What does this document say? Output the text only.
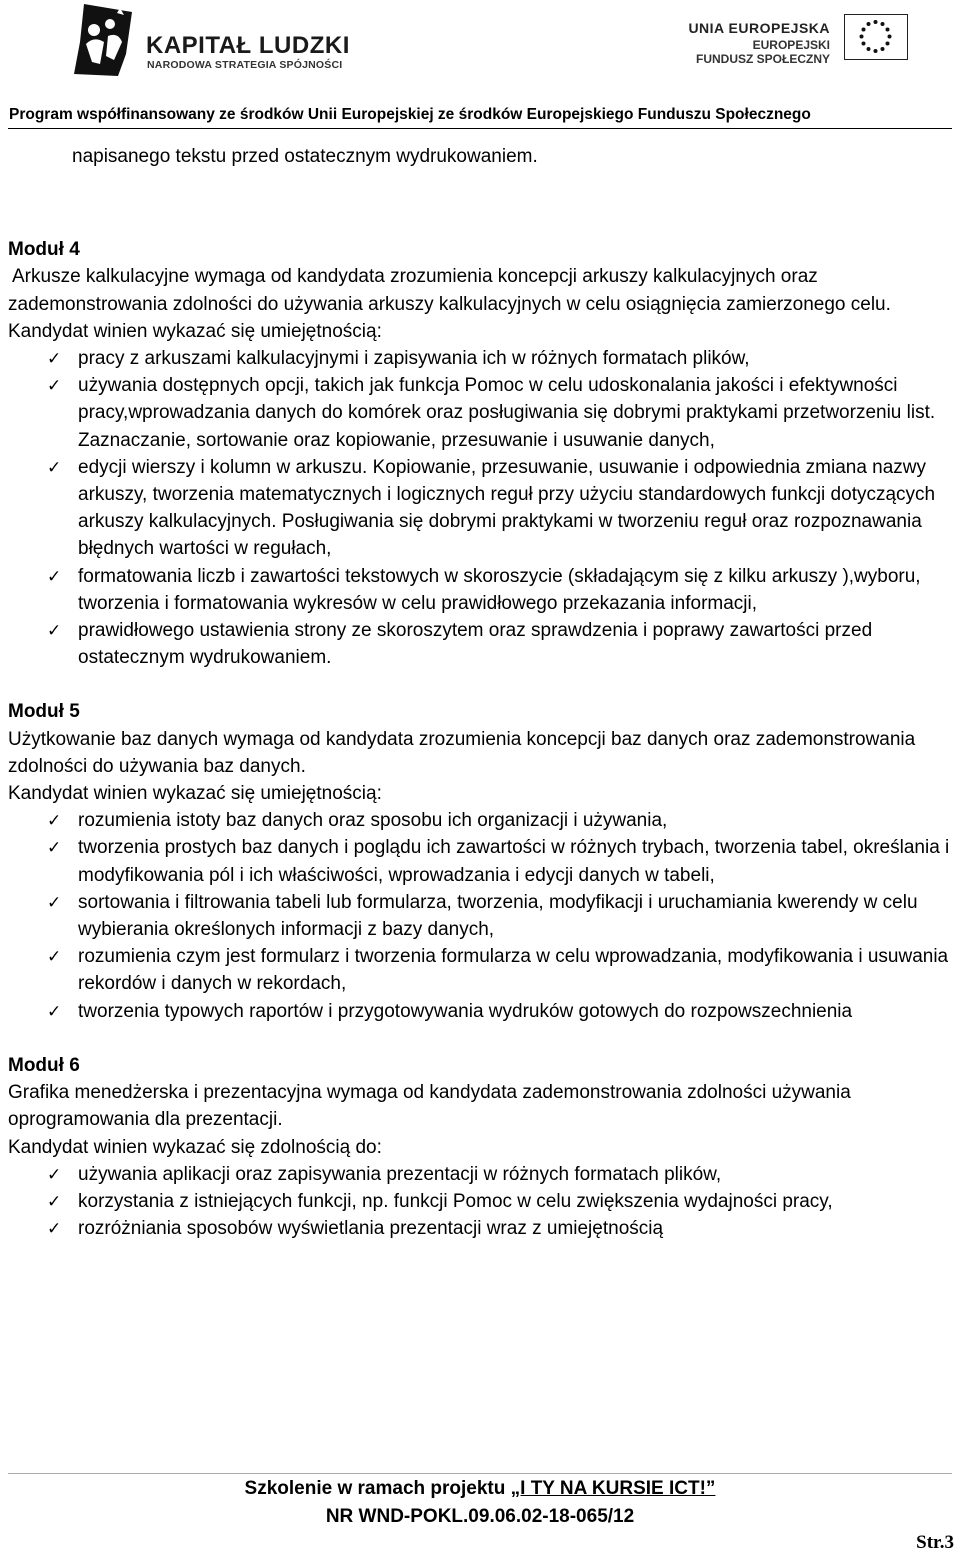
KAPITAŁ LUDZKI
NARODOWA STRATEGIA SPÓJNOŚCI
UNIA EUROPEJSKA
EUROPEJSKI
FUNDUSZ SPOŁECZNY
Program współfinansowany ze środków Unii Europejskiej ze środków Europejskiego Funduszu Społecznego

napisanego tekstu przed ostatecznym wydrukowaniem.

Moduł 4

Arkusze kalkulacyjne wymaga od kandydata zrozumienia koncepcji arkuszy kalkulacyjnych oraz zademonstrowania zdolności do używania arkuszy kalkulacyjnych w celu osiągnięcia zamierzonego celu. Kandydat winien wykazać się umiejętnością:

✓ pracy z arkuszami kalkulacyjnymi i zapisywania ich w różnych formatach plików,
✓ używania dostępnych opcji, takich jak funkcja Pomoc w celu udoskonalania jakości i efektywności pracy,wprowadzania danych do komórek oraz posługiwania się dobrymi praktykami przetworzeniu list. Zaznaczanie, sortowanie oraz kopiowanie, przesuwanie i usuwanie danych,
✓ edycji wierszy i kolumn w arkuszu. Kopiowanie, przesuwanie, usuwanie i odpowiednia zmiana nazwy arkuszy, tworzenia matematycznych i logicznych reguł przy użyciu standardowych funkcji dotyczących arkuszy kalkulacyjnych. Posługiwania się dobrymi praktykami w tworzeniu reguł oraz rozpoznawania błędnych wartości w regułach,
✓ formatowania liczb i zawartości tekstowych w skoroszycie (składającym się z kilku arkuszy ),wyboru, tworzenia i formatowania wykresów w celu prawidłowego przekazania informacji,
✓ prawidłowego ustawienia strony ze skoroszytem oraz sprawdzenia i poprawy zawartości przed ostatecznym wydrukowaniem.

Moduł 5

Użytkowanie baz danych wymaga od kandydata zrozumienia koncepcji baz danych oraz zademonstrowania zdolności do używania baz danych.

Kandydat winien wykazać się umiejętnością:

✓ rozumienia istoty baz danych oraz sposobu ich organizacji i używania,
✓ tworzenia prostych baz danych i poglądu ich zawartości w różnych trybach, tworzenia tabel, określania i modyfikowania pól i ich właściwości, wprowadzania i edycji danych w tabeli,
✓ sortowania i filtrowania tabeli lub formularza, tworzenia, modyfikacji i uruchamiania kwerendy w celu wybierania określonych informacji z bazy danych,
✓ rozumienia czym jest formularz i tworzenia formularza w celu wprowadzania, modyfikowania i usuwania rekordów i danych w rekordach,
✓ tworzenia typowych raportów i przygotowywania wydruków gotowych do rozpowszechnienia

Moduł 6

Grafika menedżerska i prezentacyjna wymaga od kandydata zademonstrowania zdolności używania oprogramowania dla prezentacji.

Kandydat winien wykazać się zdolnością do:

✓ używania aplikacji oraz zapisywania prezentacji w różnych formatach plików,
✓ korzystania z istniejących funkcji, np. funkcji Pomoc w celu zwiększenia wydajności pracy,
✓ rozróżniania sposobów wyświetlania prezentacji wraz z umiejętnością
Szkolenie w ramach projektu „I TY NA KURSIE ICT!”
NR WND-POKL.09.06.02-18-065/12
Str.3
